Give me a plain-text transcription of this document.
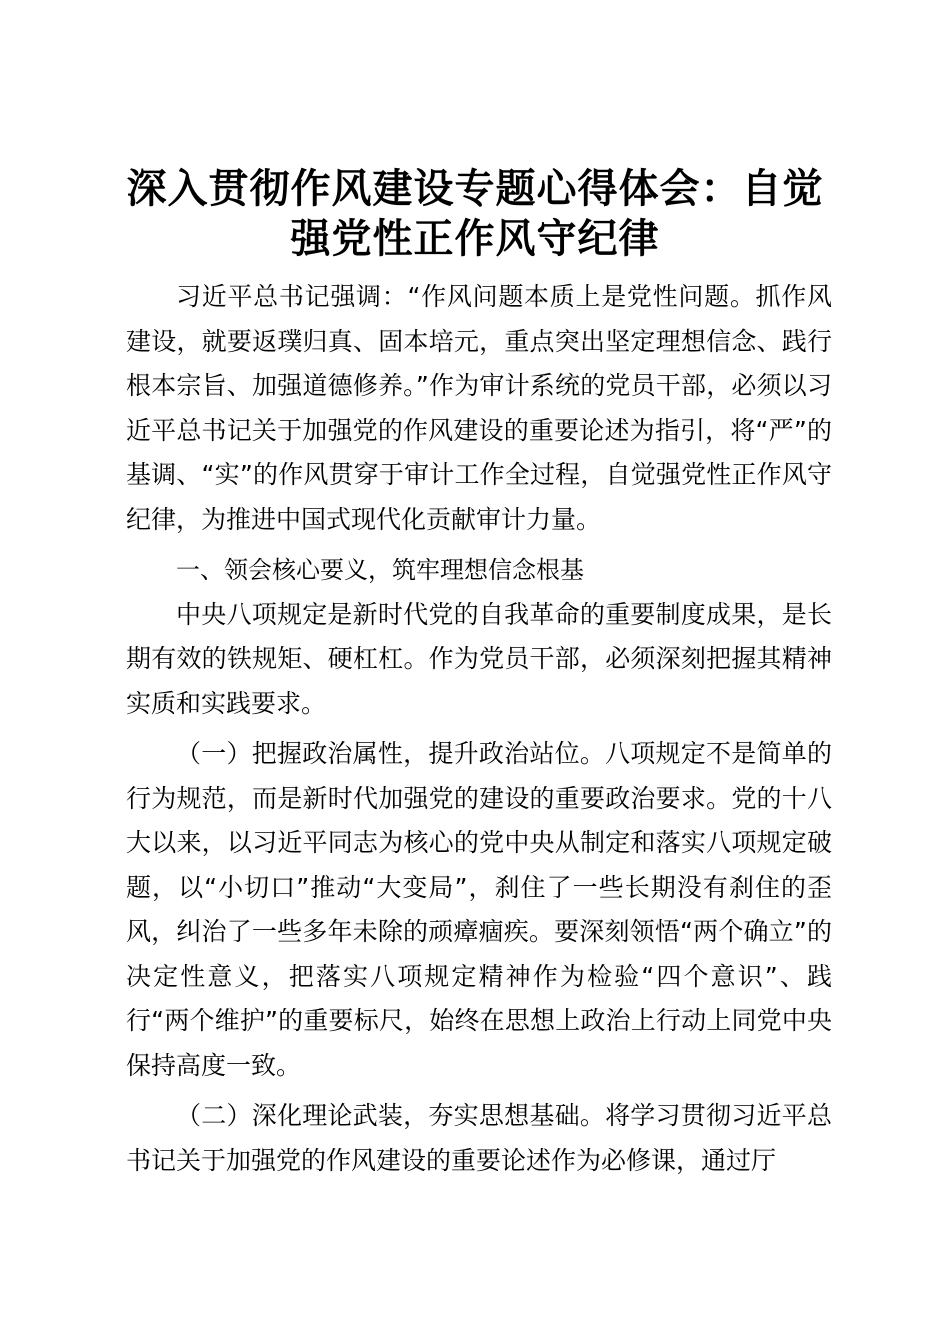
深入贯彻作风建设专题心得体会：自觉
强党性正作风守纪律

习近平总书记强调：“作风问题本质上是党性问题。抓作风建设，就要返璞归真、固本培元，重点突出坚定理想信念、践行根本宗旨、加强道德修养。”作为审计系统的党员干部，必须以习近平总书记关于加强党的作风建设的重要论述为指引，将“严”的基调、“实”的作风贯穿于审计工作全过程，自觉强党性正作风守纪律，为推进中国式现代化贡献审计力量。

一、领会核心要义，筑牢理想信念根基

中央八项规定是新时代党的自我革命的重要制度成果，是长期有效的铁规矩、硬杠杠。作为党员干部，必须深刻把握其精神实质和实践要求。

（一）把握政治属性，提升政治站位。八项规定不是简单的行为规范，而是新时代加强党的建设的重要政治要求。党的十八大以来，以习近平同志为核心的党中央从制定和落实八项规定破题，以“小切口”推动“大变局”，刹住了一些长期没有刹住的歪风，纠治了一些多年未除的顽瘴痼疾。要深刻领悟“两个确立”的决定性意义，把落实八项规定精神作为检验“四个意识”、践行“两个维护”的重要标尺，始终在思想上政治上行动上同党中央保持高度一致。

（二）深化理论武装，夯实思想基础。将学习贯彻习近平总书记关于加强党的作风建设的重要论述作为必修课，通过厅
